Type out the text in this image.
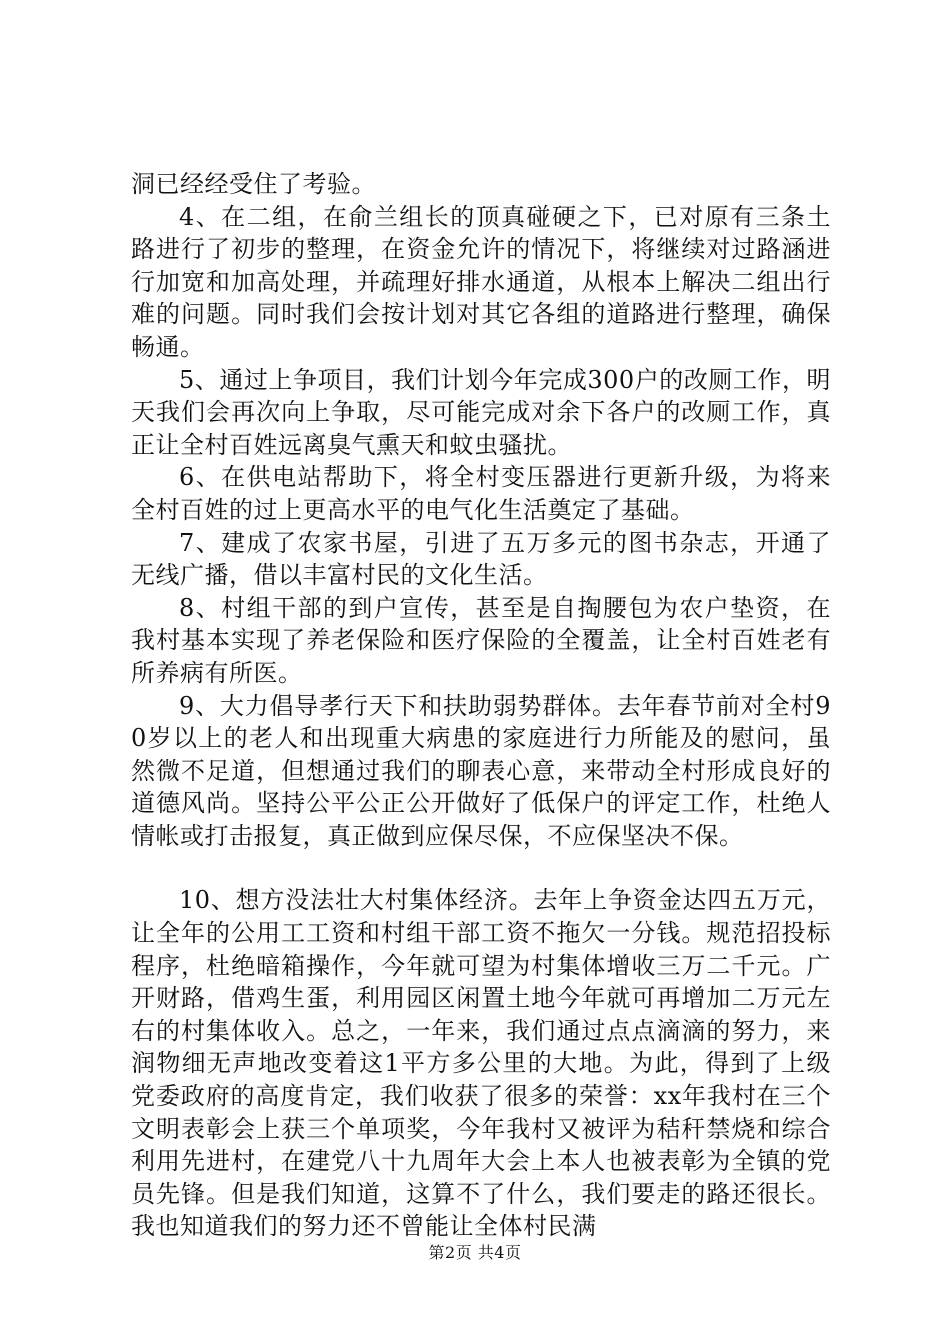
洞已经经受住了考验。

4、在二组，在俞兰组长的顶真碰硬之下，已对原有三条土路进行了初步的整理，在资金允许的情况下，将继续对过路涵进行加宽和加高处理，并疏理好排水通道，从根本上解决二组出行难的问题。同时我们会按计划对其它各组的道路进行整理，确保畅通。

5、通过上争项目，我们计划今年完成300户的改厕工作，明天我们会再次向上争取，尽可能完成对余下各户的改厕工作，真正让全村百姓远离臭气熏天和蚊虫骚扰。

6、在供电站帮助下，将全村变压器进行更新升级，为将来全村百姓的过上更高水平的电气化生活奠定了基础。

7、建成了农家书屋，引进了五万多元的图书杂志，开通了无线广播，借以丰富村民的文化生活。

8、村组干部的到户宣传，甚至是自掏腰包为农户垫资，在我村基本实现了养老保险和医疗保险的全覆盖，让全村百姓老有所养病有所医。

9、大力倡导孝行天下和扶助弱势群体。去年春节前对全村90岁以上的老人和出现重大病患的家庭进行力所能及的慰问，虽然微不足道，但想通过我们的聊表心意，来带动全村形成良好的道德风尚。坚持公平公正公开做好了低保户的评定工作，杜绝人情帐或打击报复，真正做到应保尽保，不应保坚决不保。

10、想方没法壮大村集体经济。去年上争资金达四五万元，让全年的公用工工资和村组干部工资不拖欠一分钱。规范招投标程序，杜绝暗箱操作，今年就可望为村集体增收三万二千元。广开财路，借鸡生蛋，利用园区闲置土地今年就可再增加二万元左右的村集体收入。总之，一年来，我们通过点点滴滴的努力，来润物细无声地改变着这1平方多公里的大地。为此，得到了上级党委政府的高度肯定，我们收获了很多的荣誉：xx年我村在三个文明表彰会上获三个单项奖，今年我村又被评为秸秆禁烧和综合利用先进村，在建党八十九周年大会上本人也被表彰为全镇的党员先锋。但是我们知道，这算不了什么，我们要走的路还很长。我也知道我们的努力还不曾能让全体村民满

第2页 共4页
